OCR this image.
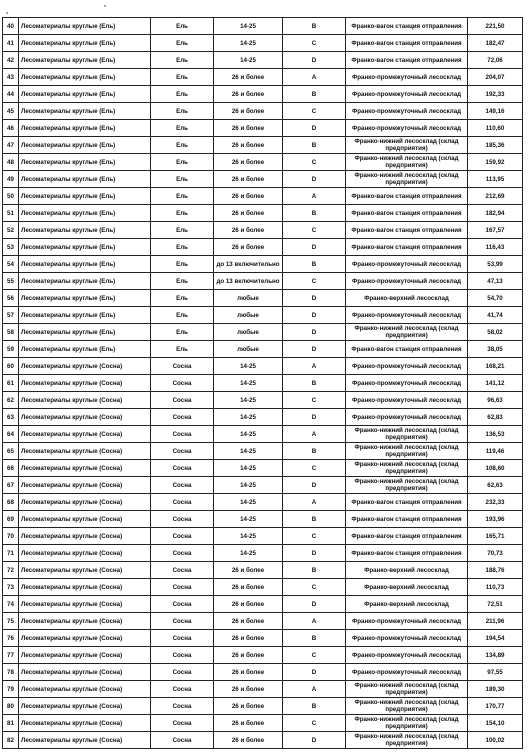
40	Лесоматериалы круглые (Ель)	Ель	14-25	В	Франко-вагон станция отправления	221,50
41	Лесоматериалы круглые (Ель)	Ель	14-25	С	Франко-вагон станция отправления	182,47
42	Лесоматериалы круглые (Ель)	Ель	14-25	D	Франко-вагон станция отправления	72,06
43	Лесоматериалы круглые (Ель)	Ель	26 и более	А	Франко-промежуточный лесосклад	204,07
44	Лесоматериалы круглые (Ель)	Ель	26 и более	В	Франко-промежуточный лесосклад	192,33
45	Лесоматериалы круглые (Ель)	Ель	26 и более	С	Франко-промежуточный лесосклад	149,16
46	Лесоматериалы круглые (Ель)	Ель	26 и более	D	Франко-промежуточный лесосклад	110,60
47	Лесоматериалы круглые (Ель)	Ель	26 и более	В	Франко-нижний лесосклад (склад предприятия)	185,36
48	Лесоматериалы круглые (Ель)	Ель	26 и более	С	Франко-нижний лесосклад (склад предприятия)	159,92
49	Лесоматериалы круглые (Ель)	Ель	26 и более	D	Франко-нижний лесосклад (склад предприятия)	113,95
50	Лесоматериалы круглые (Ель)	Ель	26 и более	А	Франко-вагон станция отправления	212,69
51	Лесоматериалы круглые (Ель)	Ель	26 и более	В	Франко-вагон станция отправления	182,94
52	Лесоматериалы круглые (Ель)	Ель	26 и более	С	Франко-вагон станция отправления	167,57
53	Лесоматериалы круглые (Ель)	Ель	26 и более	D	Франко-вагон станция отправления	116,43
54	Лесоматериалы круглые (Ель)	Ель	до 13 включительно	В	Франко-промежуточный лесосклад	53,99
55	Лесоматериалы круглые (Ель)	Ель	до 13 включительно	С	Франко-промежуточный лесосклад	47,13
56	Лесоматериалы круглые (Ель)	Ель	любые	D	Франко-верхний лесосклад	54,70
57	Лесоматериалы круглые (Ель)	Ель	любые	D	Франко-промежуточный лесосклад	41,74
58	Лесоматериалы круглые (Ель)	Ель	любые	D	Франко-нижний лесосклад (склад предприятия)	58,02
59	Лесоматериалы круглые (Ель)	Ель	любые	D	Франко-вагон станция отправления	38,05
60	Лесоматериалы круглые (Сосна)	Сосна	14-25	А	Франко-промежуточный лесосклад	168,21
61	Лесоматериалы круглые (Сосна)	Сосна	14-25	В	Франко-промежуточный лесосклад	141,12
62	Лесоматериалы круглые (Сосна)	Сосна	14-25	С	Франко-промежуточный лесосклад	96,63
63	Лесоматериалы круглые (Сосна)	Сосна	14-25	D	Франко-промежуточный лесосклад	62,83
64	Лесоматериалы круглые (Сосна)	Сосна	14-25	А	Франко-нижний лесосклад (склад предприятия)	136,53
65	Лесоматериалы круглые (Сосна)	Сосна	14-25	В	Франко-нижний лесосклад (склад предприятия)	119,46
66	Лесоматериалы круглые (Сосна)	Сосна	14-25	С	Франко-нижний лесосклад (склад предприятия)	108,60
67	Лесоматериалы круглые (Сосна)	Сосна	14-25	D	Франко-нижний лесосклад (склад предприятия)	62,63
68	Лесоматериалы круглые (Сосна)	Сосна	14-25	А	Франко-вагон станция отправления	232,33
69	Лесоматериалы круглые (Сосна)	Сосна	14-25	В	Франко-вагон станция отправления	193,96
70	Лесоматериалы круглые (Сосна)	Сосна	14-25	С	Франко-вагон станция отправления	165,71
71	Лесоматериалы круглые (Сосна)	Сосна	14-25	D	Франко-вагон станция отправления	70,73
72	Лесоматериалы круглые (Сосна)	Сосна	26 и более	В	Франко-верхний лесосклад	188,76
73	Лесоматериалы круглые (Сосна)	Сосна	26 и более	С	Франко-верхний лесосклад	110,73
74	Лесоматериалы круглые (Сосна)	Сосна	26 и более	D	Франко-верхний лесосклад	72,51
75	Лесоматериалы круглые (Сосна)	Сосна	26 и более	А	Франко-промежуточный лесосклад	211,96
76	Лесоматериалы круглые (Сосна)	Сосна	26 и более	В	Франко-промежуточный лесосклад	194,54
77	Лесоматериалы круглые (Сосна)	Сосна	26 и более	С	Франко-промежуточный лесосклад	134,89
78	Лесоматериалы круглые (Сосна)	Сосна	26 и более	D	Франко-промежуточный лесосклад	97,55
79	Лесоматериалы круглые (Сосна)	Сосна	26 и более	А	Франко-нижний лесосклад (склад предприятия)	189,30
80	Лесоматериалы круглые (Сосна)	Сосна	26 и более	В	Франко-нижний лесосклад (склад предприятия)	170,77
81	Лесоматериалы круглые (Сосна)	Сосна	26 и более	С	Франко-нижний лесосклад (склад предприятия)	154,10
82	Лесоматериалы круглые (Сосна)	Сосна	26 и более	D	Франко-нижний лесосклад (склад предприятия)	100,02
